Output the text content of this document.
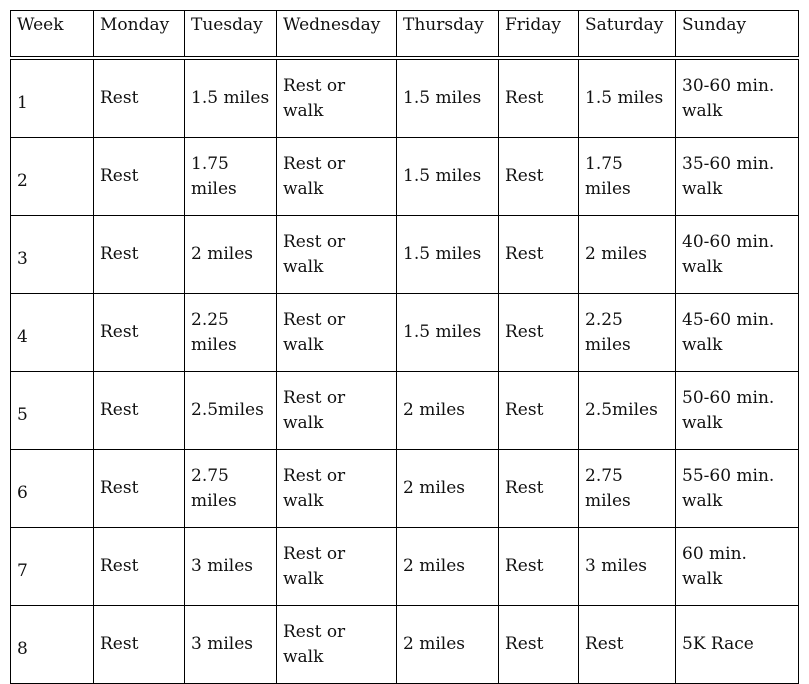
Week	Monday	Tuesday	Wednesday	Thursday	Friday	Saturday	Sunday
1	Rest	1.5 miles	Rest or walk	1.5 miles	Rest	1.5 miles	30-60 min. walk
2	Rest	1.75 miles	Rest or walk	1.5 miles	Rest	1.75 miles	35-60 min. walk
3	Rest	2 miles	Rest or walk	1.5 miles	Rest	2 miles	40-60 min. walk
4	Rest	2.25 miles	Rest or walk	1.5 miles	Rest	2.25 miles	45-60 min. walk
5	Rest	2.5miles	Rest or walk	2 miles	Rest	2.5miles	50-60 min. walk
6	Rest	2.75 miles	Rest or walk	2 miles	Rest	2.75 miles	55-60 min. walk
7	Rest	3 miles	Rest or walk	2 miles	Rest	3 miles	60 min. walk
8	Rest	3 miles	Rest or walk	2 miles	Rest	Rest	5K Race
